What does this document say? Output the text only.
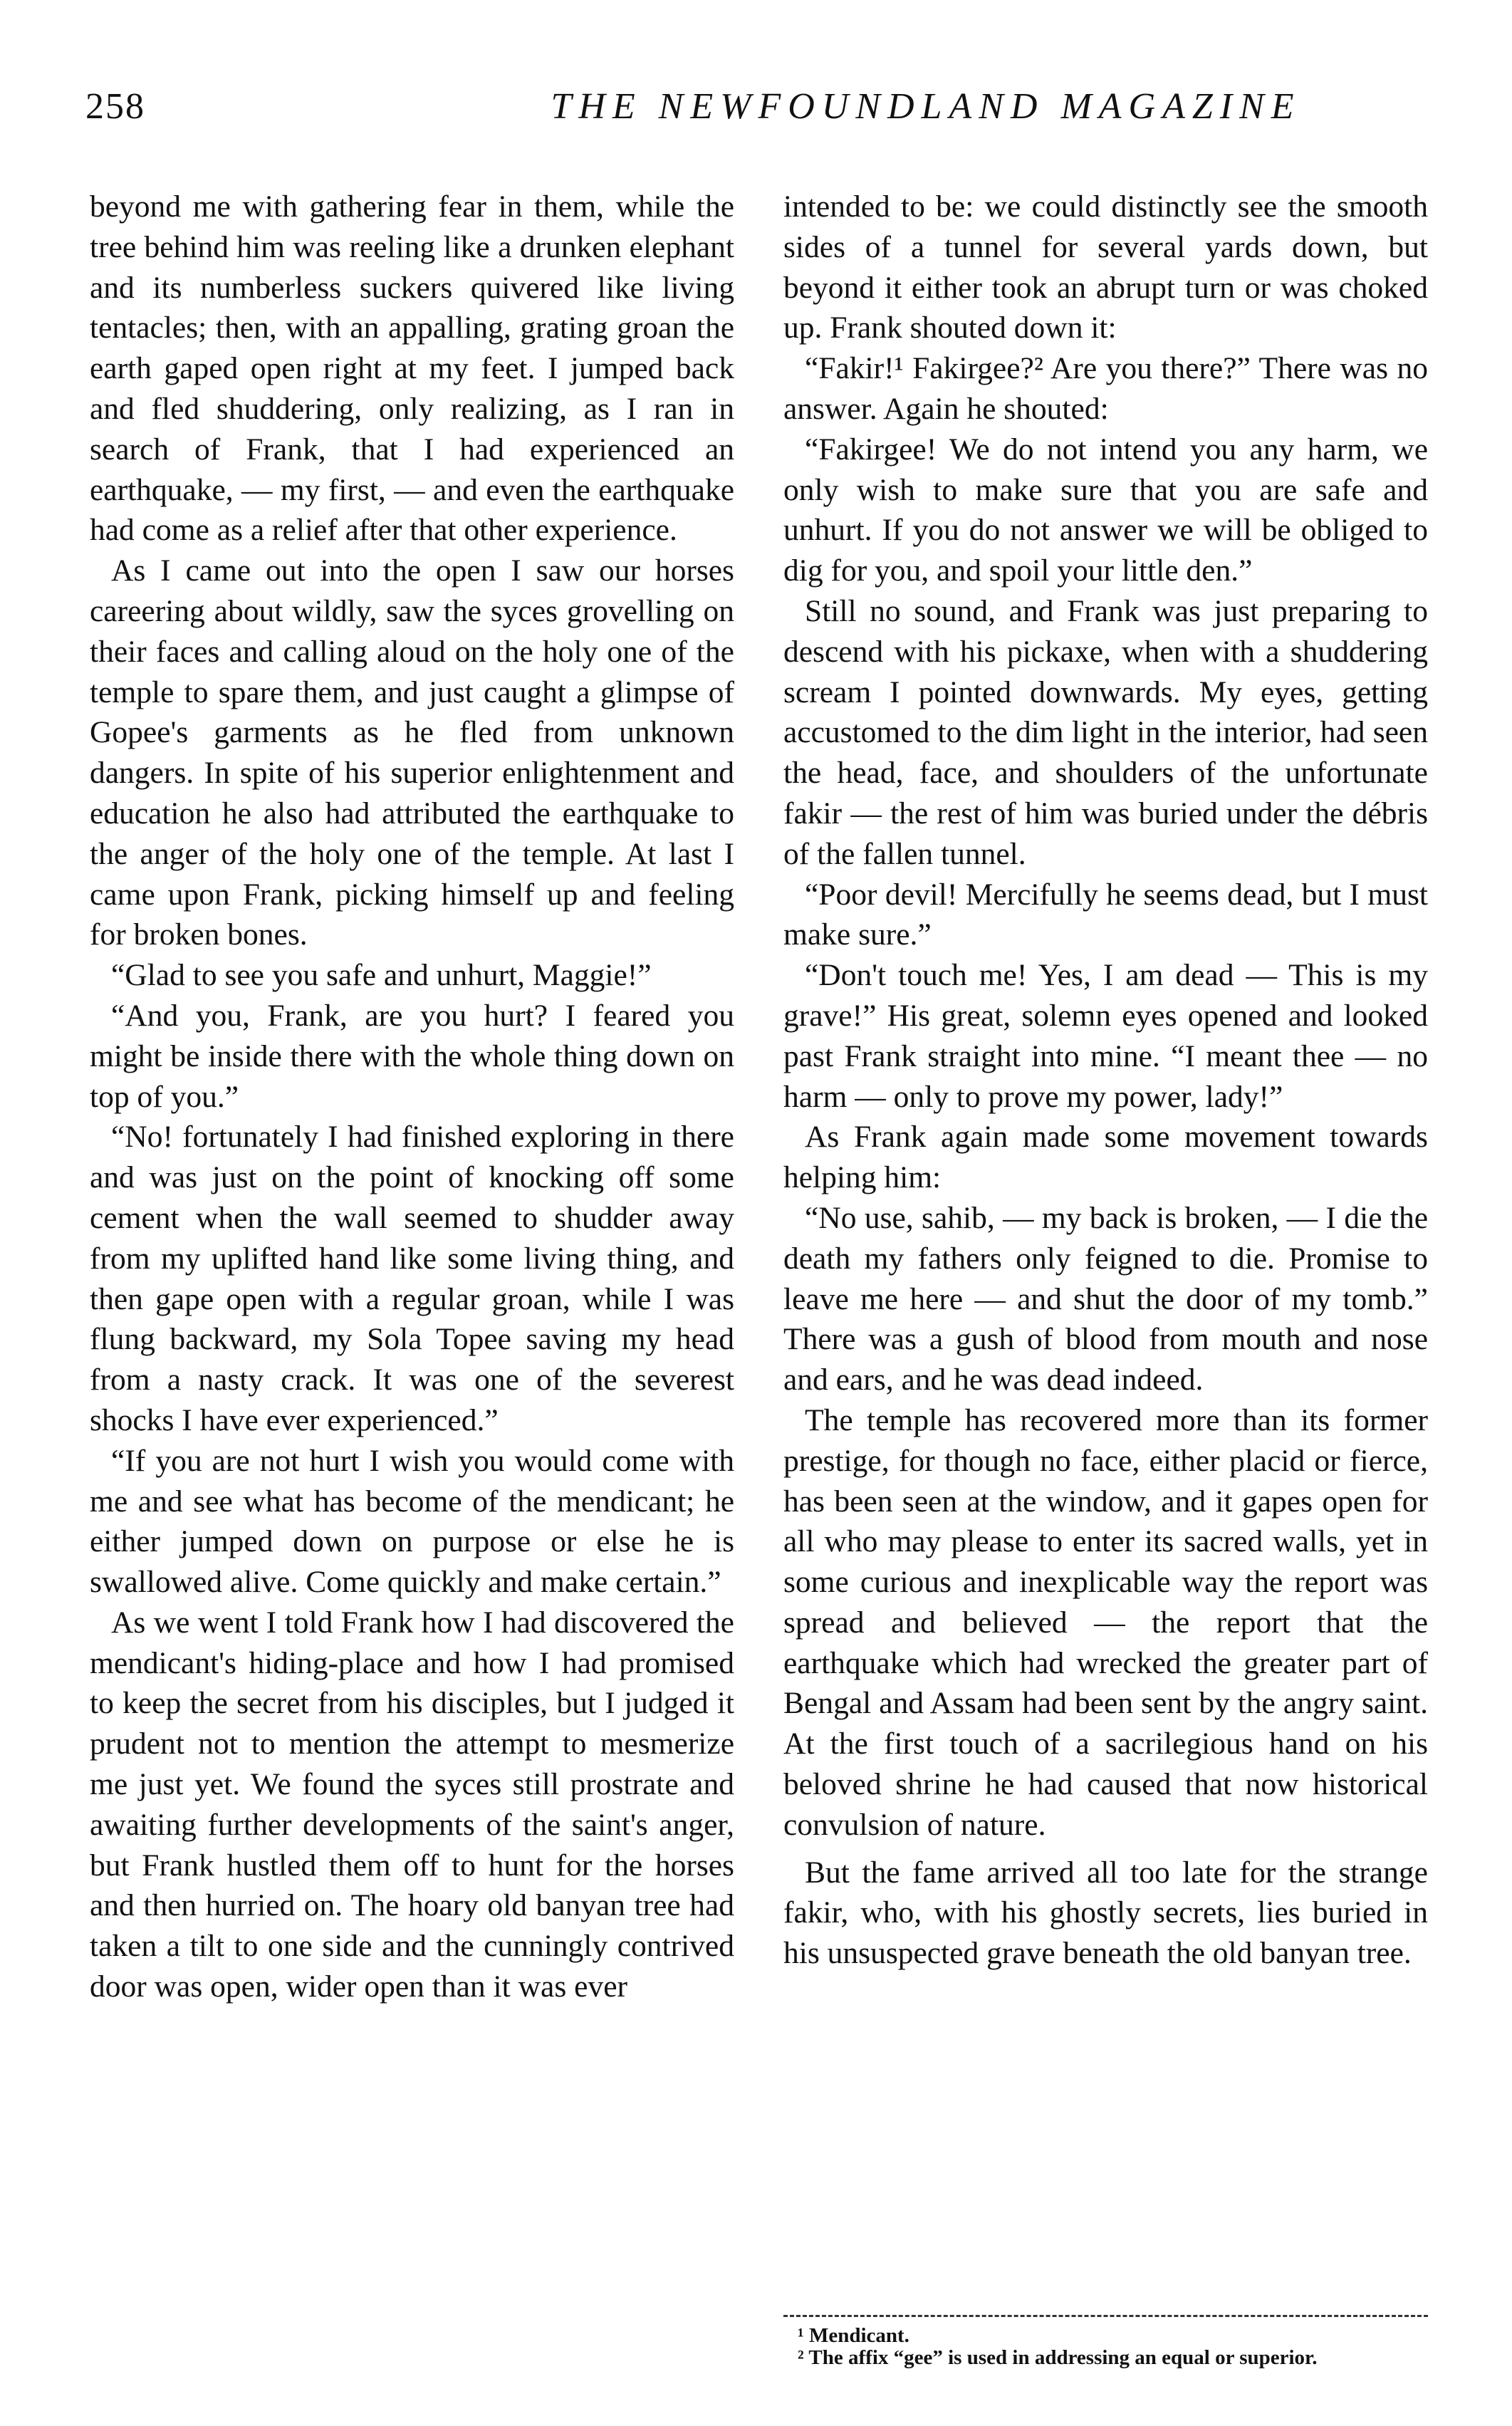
258	THE NEWFOUNDLAND MAGAZINE

beyond me with gathering fear in them, while the tree behind him was reeling like a drunken elephant and its numberless suckers quivered like living tentacles; then, with an appalling, grating groan the earth gaped open right at my feet. I jumped back and fled shuddering, only realizing, as I ran in search of Frank, that I had experienced an earthquake, — my first, — and even the earthquake had come as a relief after that other experience.

As I came out into the open I saw our horses careering about wildly, saw the syces grovelling on their faces and calling aloud on the holy one of the temple to spare them, and just caught a glimpse of Gopee's garments as he fled from unknown dangers. In spite of his superior enlightenment and education he also had attributed the earthquake to the anger of the holy one of the temple. At last I came upon Frank, picking himself up and feeling for broken bones.

“Glad to see you safe and unhurt, Maggie!”

“And you, Frank, are you hurt? I feared you might be inside there with the whole thing down on top of you.”

“No! fortunately I had finished exploring in there and was just on the point of knocking off some cement when the wall seemed to shudder away from my uplifted hand like some living thing, and then gape open with a regular groan, while I was flung backward, my Sola Topee saving my head from a nasty crack. It was one of the severest shocks I have ever experienced.”

“If you are not hurt I wish you would come with me and see what has become of the mendicant; he either jumped down on purpose or else he is swallowed alive. Come quickly and make certain.”

As we went I told Frank how I had discovered the mendicant's hiding-place and how I had promised to keep the secret from his disciples, but I judged it prudent not to mention the attempt to mesmerize me just yet. We found the syces still prostrate and awaiting further developments of the saint's anger, but Frank hustled them off to hunt for the horses and then hurried on. The hoary old banyan tree had taken a tilt to one side and the cunningly contrived door was open, wider open than it was ever

intended to be: we could distinctly see the smooth sides of a tunnel for several yards down, but beyond it either took an abrupt turn or was choked up. Frank shouted down it:

“Fakir!¹ Fakirgee?² Are you there?” There was no answer. Again he shouted:

“Fakirgee! We do not intend you any harm, we only wish to make sure that you are safe and unhurt. If you do not answer we will be obliged to dig for you, and spoil your little den.”

Still no sound, and Frank was just preparing to descend with his pickaxe, when with a shuddering scream I pointed downwards. My eyes, getting accustomed to the dim light in the interior, had seen the head, face, and shoulders of the unfortunate fakir — the rest of him was buried under the débris of the fallen tunnel.

“Poor devil! Mercifully he seems dead, but I must make sure.”

“Don't touch me! Yes, I am dead — This is my grave!” His great, solemn eyes opened and looked past Frank straight into mine. “I meant thee — no harm — only to prove my power, lady!”

As Frank again made some movement towards helping him:

“No use, sahib, — my back is broken, — I die the death my fathers only feigned to die. Promise to leave me here — and shut the door of my tomb.” There was a gush of blood from mouth and nose and ears, and he was dead indeed.

The temple has recovered more than its former prestige, for though no face, either placid or fierce, has been seen at the window, and it gapes open for all who may please to enter its sacred walls, yet in some curious and inexplicable way the report was spread and believed — the report that the earthquake which had wrecked the greater part of Bengal and Assam had been sent by the angry saint. At the first touch of a sacrilegious hand on his beloved shrine he had caused that now historical convulsion of nature.

But the fame arrived all too late for the strange fakir, who, with his ghostly secrets, lies buried in his unsuspected grave beneath the old banyan tree.

¹ Mendicant.

² The affix “gee” is used in addressing an equal or superior.
